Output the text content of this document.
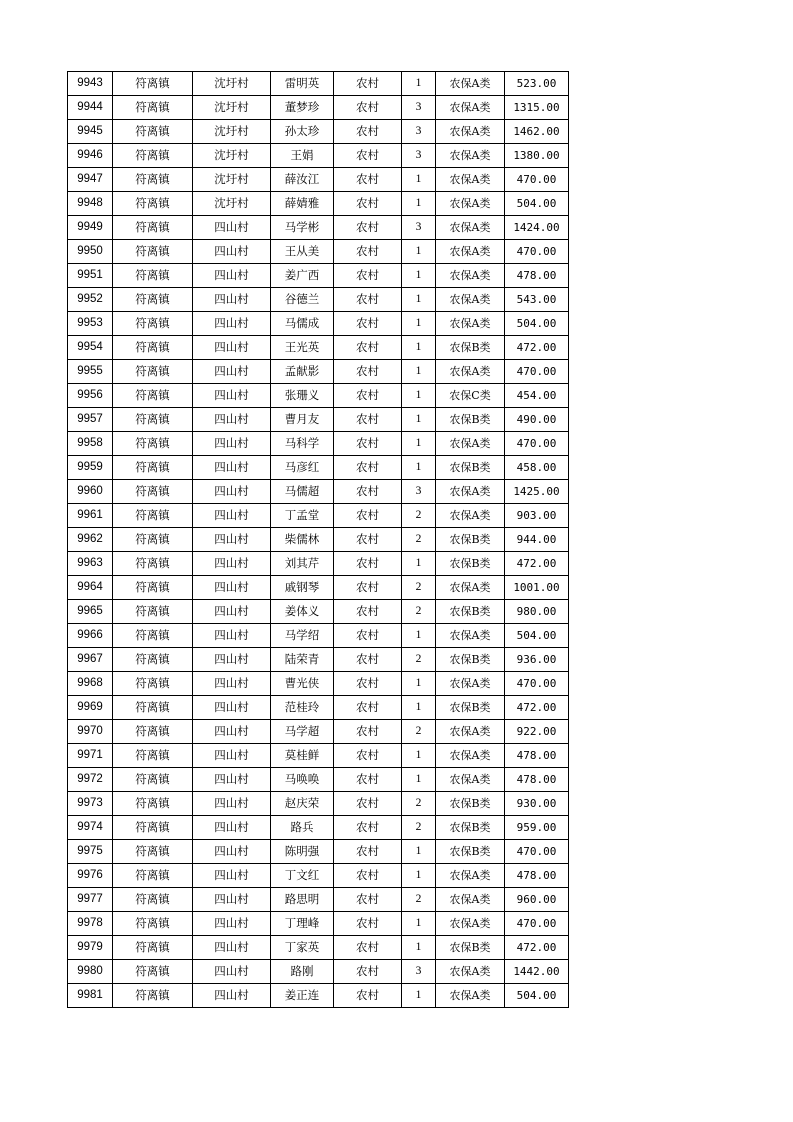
9943	符离镇	沈圩村	雷明英	农村	1	农保A类	523.00
9944	符离镇	沈圩村	董梦珍	农村	3	农保A类	1315.00
9945	符离镇	沈圩村	孙太珍	农村	3	农保A类	1462.00
9946	符离镇	沈圩村	王娟	农村	3	农保A类	1380.00
9947	符离镇	沈圩村	薛汝江	农村	1	农保A类	470.00
9948	符离镇	沈圩村	薛婧雅	农村	1	农保A类	504.00
9949	符离镇	四山村	马学彬	农村	3	农保A类	1424.00
9950	符离镇	四山村	王从美	农村	1	农保A类	470.00
9951	符离镇	四山村	姜广西	农村	1	农保A类	478.00
9952	符离镇	四山村	谷德兰	农村	1	农保A类	543.00
9953	符离镇	四山村	马儒成	农村	1	农保A类	504.00
9954	符离镇	四山村	王光英	农村	1	农保B类	472.00
9955	符离镇	四山村	孟献影	农村	1	农保A类	470.00
9956	符离镇	四山村	张珊义	农村	1	农保C类	454.00
9957	符离镇	四山村	曹月友	农村	1	农保B类	490.00
9958	符离镇	四山村	马科学	农村	1	农保A类	470.00
9959	符离镇	四山村	马彦红	农村	1	农保B类	458.00
9960	符离镇	四山村	马儒超	农村	3	农保A类	1425.00
9961	符离镇	四山村	丁孟堂	农村	2	农保A类	903.00
9962	符离镇	四山村	柴儒林	农村	2	农保B类	944.00
9963	符离镇	四山村	刘其芹	农村	1	农保B类	472.00
9964	符离镇	四山村	戚钢琴	农村	2	农保A类	1001.00
9965	符离镇	四山村	姜体义	农村	2	农保B类	980.00
9966	符离镇	四山村	马学绍	农村	1	农保A类	504.00
9967	符离镇	四山村	陆荣青	农村	2	农保B类	936.00
9968	符离镇	四山村	曹光侠	农村	1	农保A类	470.00
9969	符离镇	四山村	范桂玲	农村	1	农保B类	472.00
9970	符离镇	四山村	马学超	农村	2	农保A类	922.00
9971	符离镇	四山村	莫桂鲜	农村	1	农保A类	478.00
9972	符离镇	四山村	马唤唤	农村	1	农保A类	478.00
9973	符离镇	四山村	赵庆荣	农村	2	农保B类	930.00
9974	符离镇	四山村	路兵	农村	2	农保B类	959.00
9975	符离镇	四山村	陈明强	农村	1	农保B类	470.00
9976	符离镇	四山村	丁文红	农村	1	农保A类	478.00
9977	符离镇	四山村	路思明	农村	2	农保A类	960.00
9978	符离镇	四山村	丁理峰	农村	1	农保A类	470.00
9979	符离镇	四山村	丁家英	农村	1	农保B类	472.00
9980	符离镇	四山村	路刚	农村	3	农保A类	1442.00
9981	符离镇	四山村	姜正连	农村	1	农保A类	504.00
